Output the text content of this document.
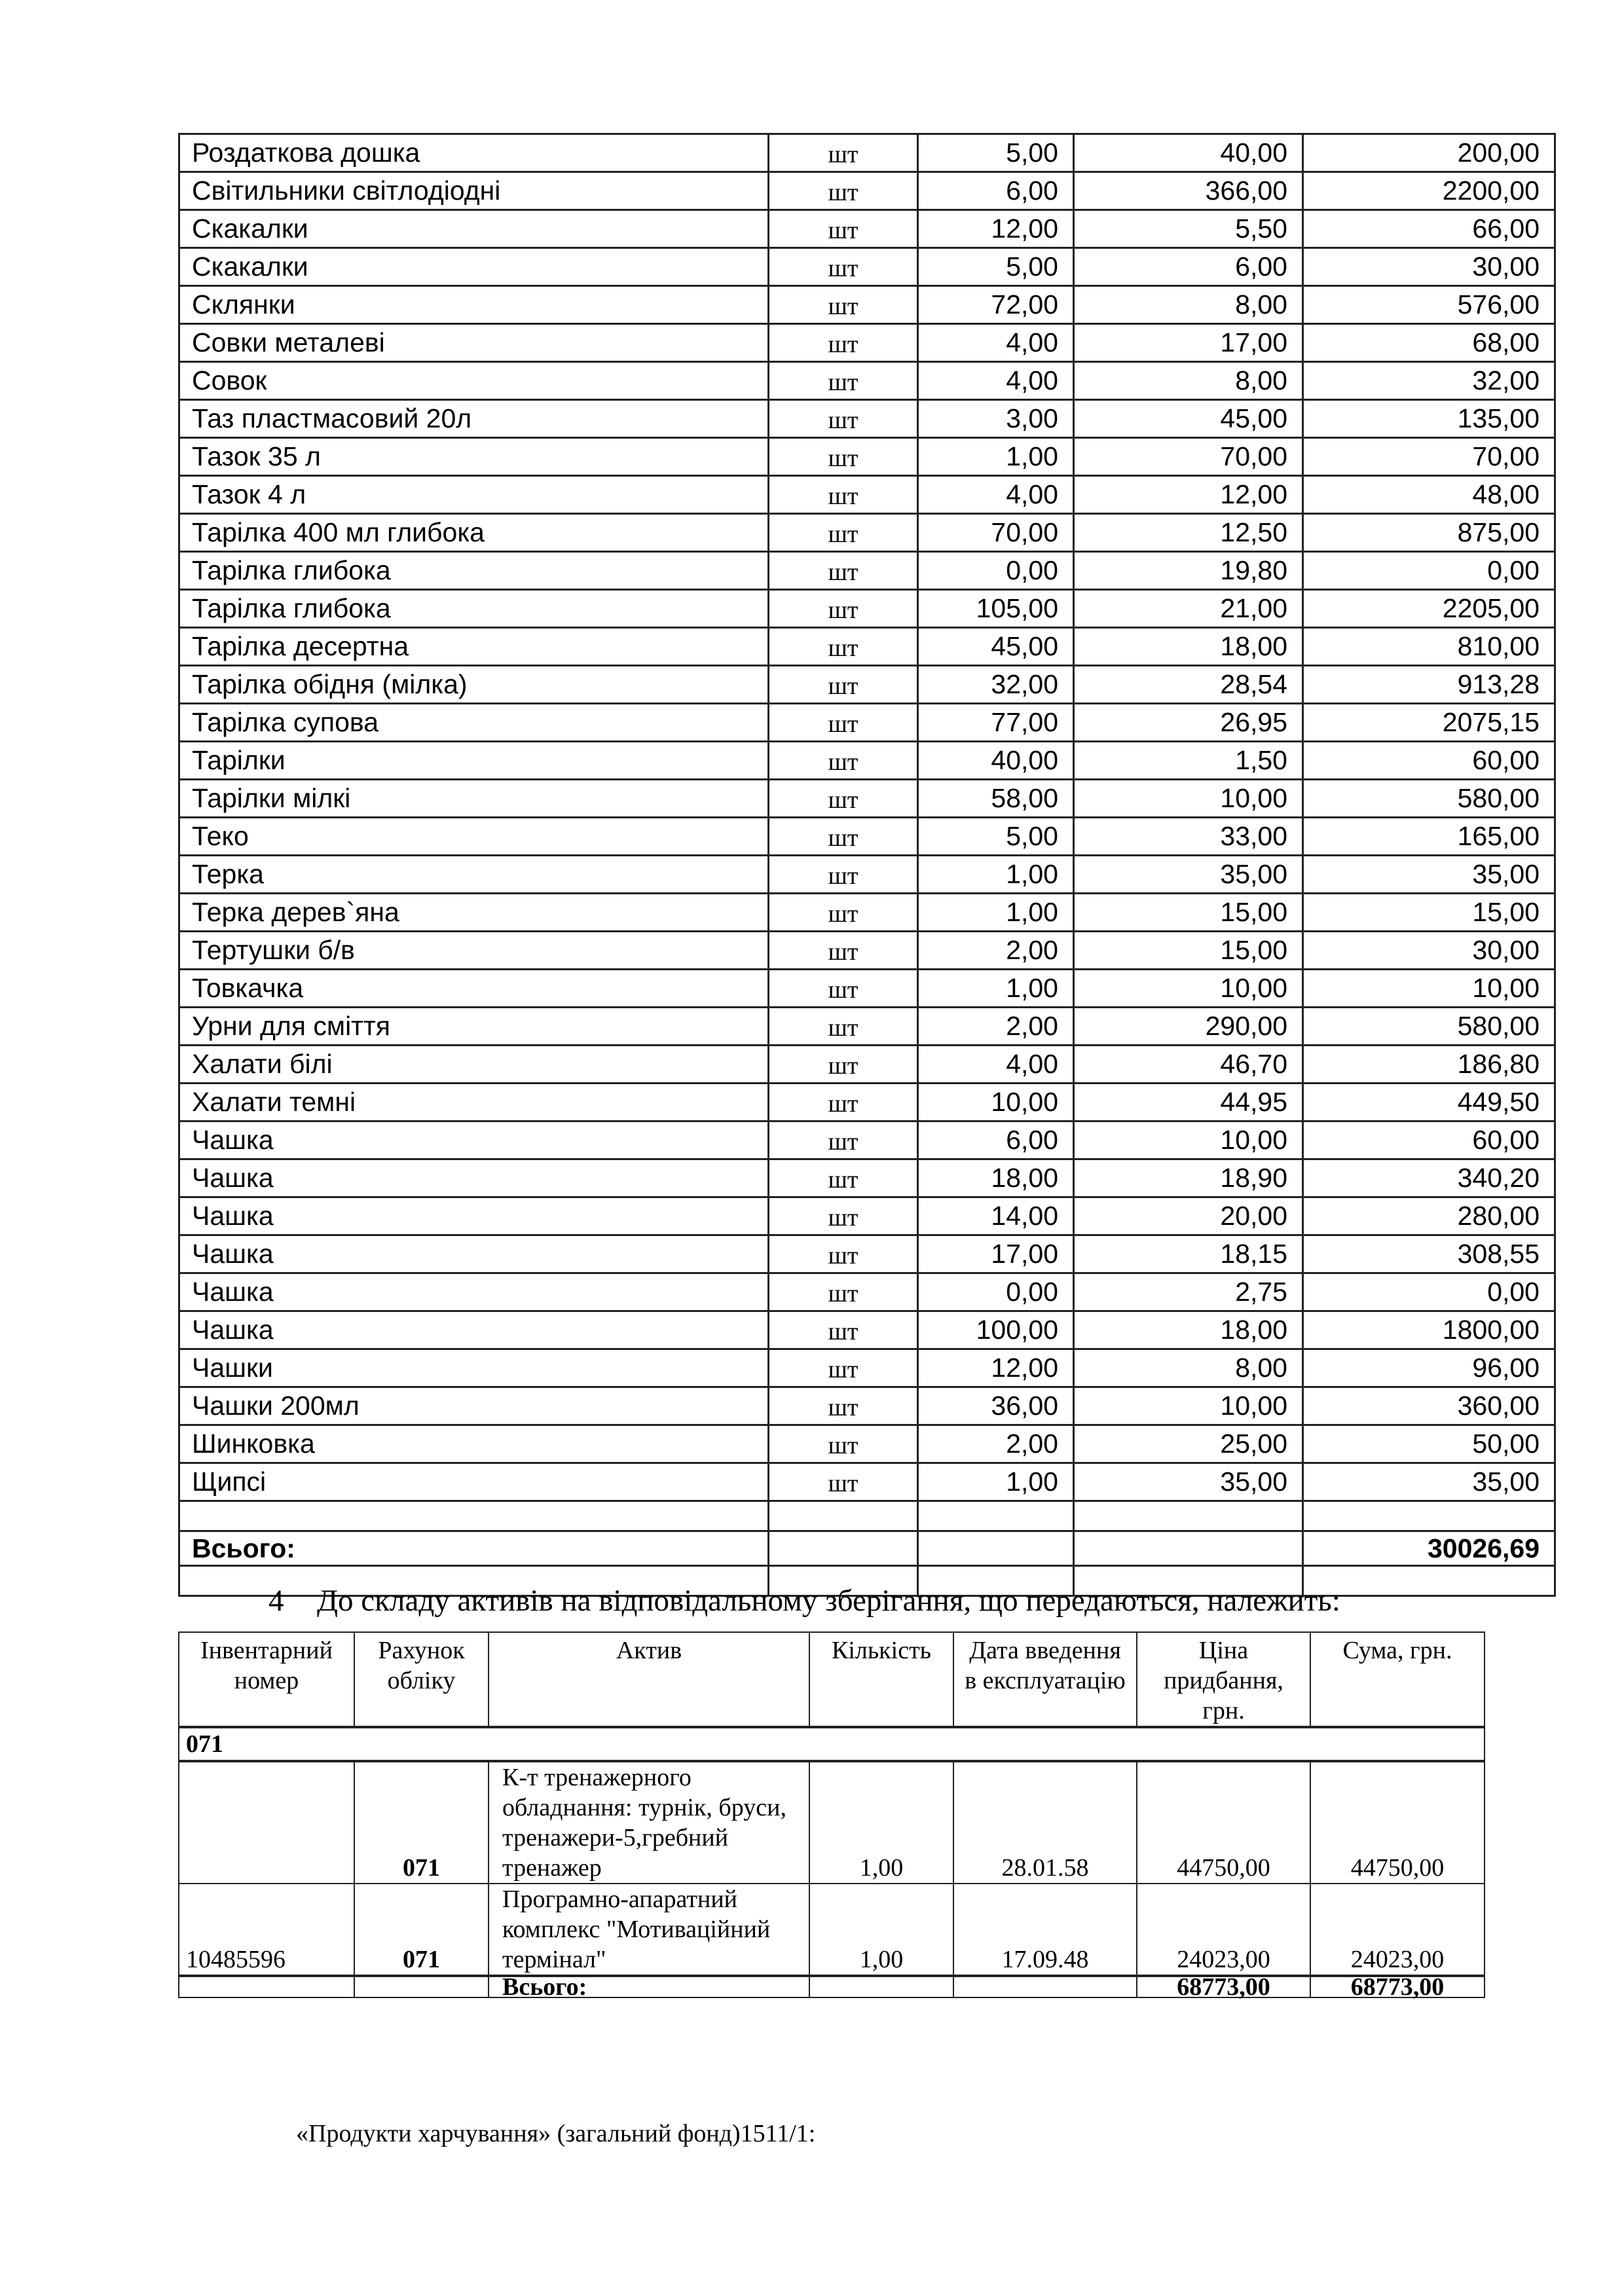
Роздаткова дошка	шт	5,00	40,00	200,00
Світильники світлодіодні	шт	6,00	366,00	2200,00
Скакалки	шт	12,00	5,50	66,00
Скакалки	шт	5,00	6,00	30,00
Склянки	шт	72,00	8,00	576,00
Совки металеві	шт	4,00	17,00	68,00
Совок	шт	4,00	8,00	32,00
Таз пластмасовий 20л	шт	3,00	45,00	135,00
Тазок 35 л	шт	1,00	70,00	70,00
Тазок 4 л	шт	4,00	12,00	48,00
Тарілка 400 мл глибока	шт	70,00	12,50	875,00
Тарілка глибока	шт	0,00	19,80	0,00
Тарілка глибока	шт	105,00	21,00	2205,00
Тарілка десертна	шт	45,00	18,00	810,00
Тарілка обідня (мілка)	шт	32,00	28,54	913,28
Тарілка супова	шт	77,00	26,95	2075,15
Тарілки	шт	40,00	1,50	60,00
Тарілки мілкі	шт	58,00	10,00	580,00
Теко	шт	5,00	33,00	165,00
Терка	шт	1,00	35,00	35,00
Терка дерев`яна	шт	1,00	15,00	15,00
Тертушки б/в	шт	2,00	15,00	30,00
Товкачка	шт	1,00	10,00	10,00
Урни для сміття	шт	2,00	290,00	580,00
Халати білі	шт	4,00	46,70	186,80
Халати темні	шт	10,00	44,95	449,50
Чашка	шт	6,00	10,00	60,00
Чашка	шт	18,00	18,90	340,20
Чашка	шт	14,00	20,00	280,00
Чашка	шт	17,00	18,15	308,55
Чашка	шт	0,00	2,75	0,00
Чашка	шт	100,00	18,00	1800,00
Чашки	шт	12,00	8,00	96,00
Чашки 200мл	шт	36,00	10,00	360,00
Шинковка	шт	2,00	25,00	50,00
Щипсі	шт	1,00	35,00	35,00

Всього:				30026,69

4 До складу активів на відповідальному зберігання, що передаються, належить:
Інвентарний номер	Рахунок обліку	Актив	Кількість	Дата введення в експлуатацію	Ціна придбання, грн.	Сума, грн.
071						
	071	К-т тренажерного обладнання: турнік, бруси, тренажери-5,гребний тренажер	1,00	28.01.58	44750,00	44750,00
10485596	071	Програмно-апаратний комплекс "Мотиваційний термінал"	1,00	17.09.48	24023,00	24023,00
		Всього:			68773,00	68773,00
«Продукти харчування» (загальний фонд)1511/1:
